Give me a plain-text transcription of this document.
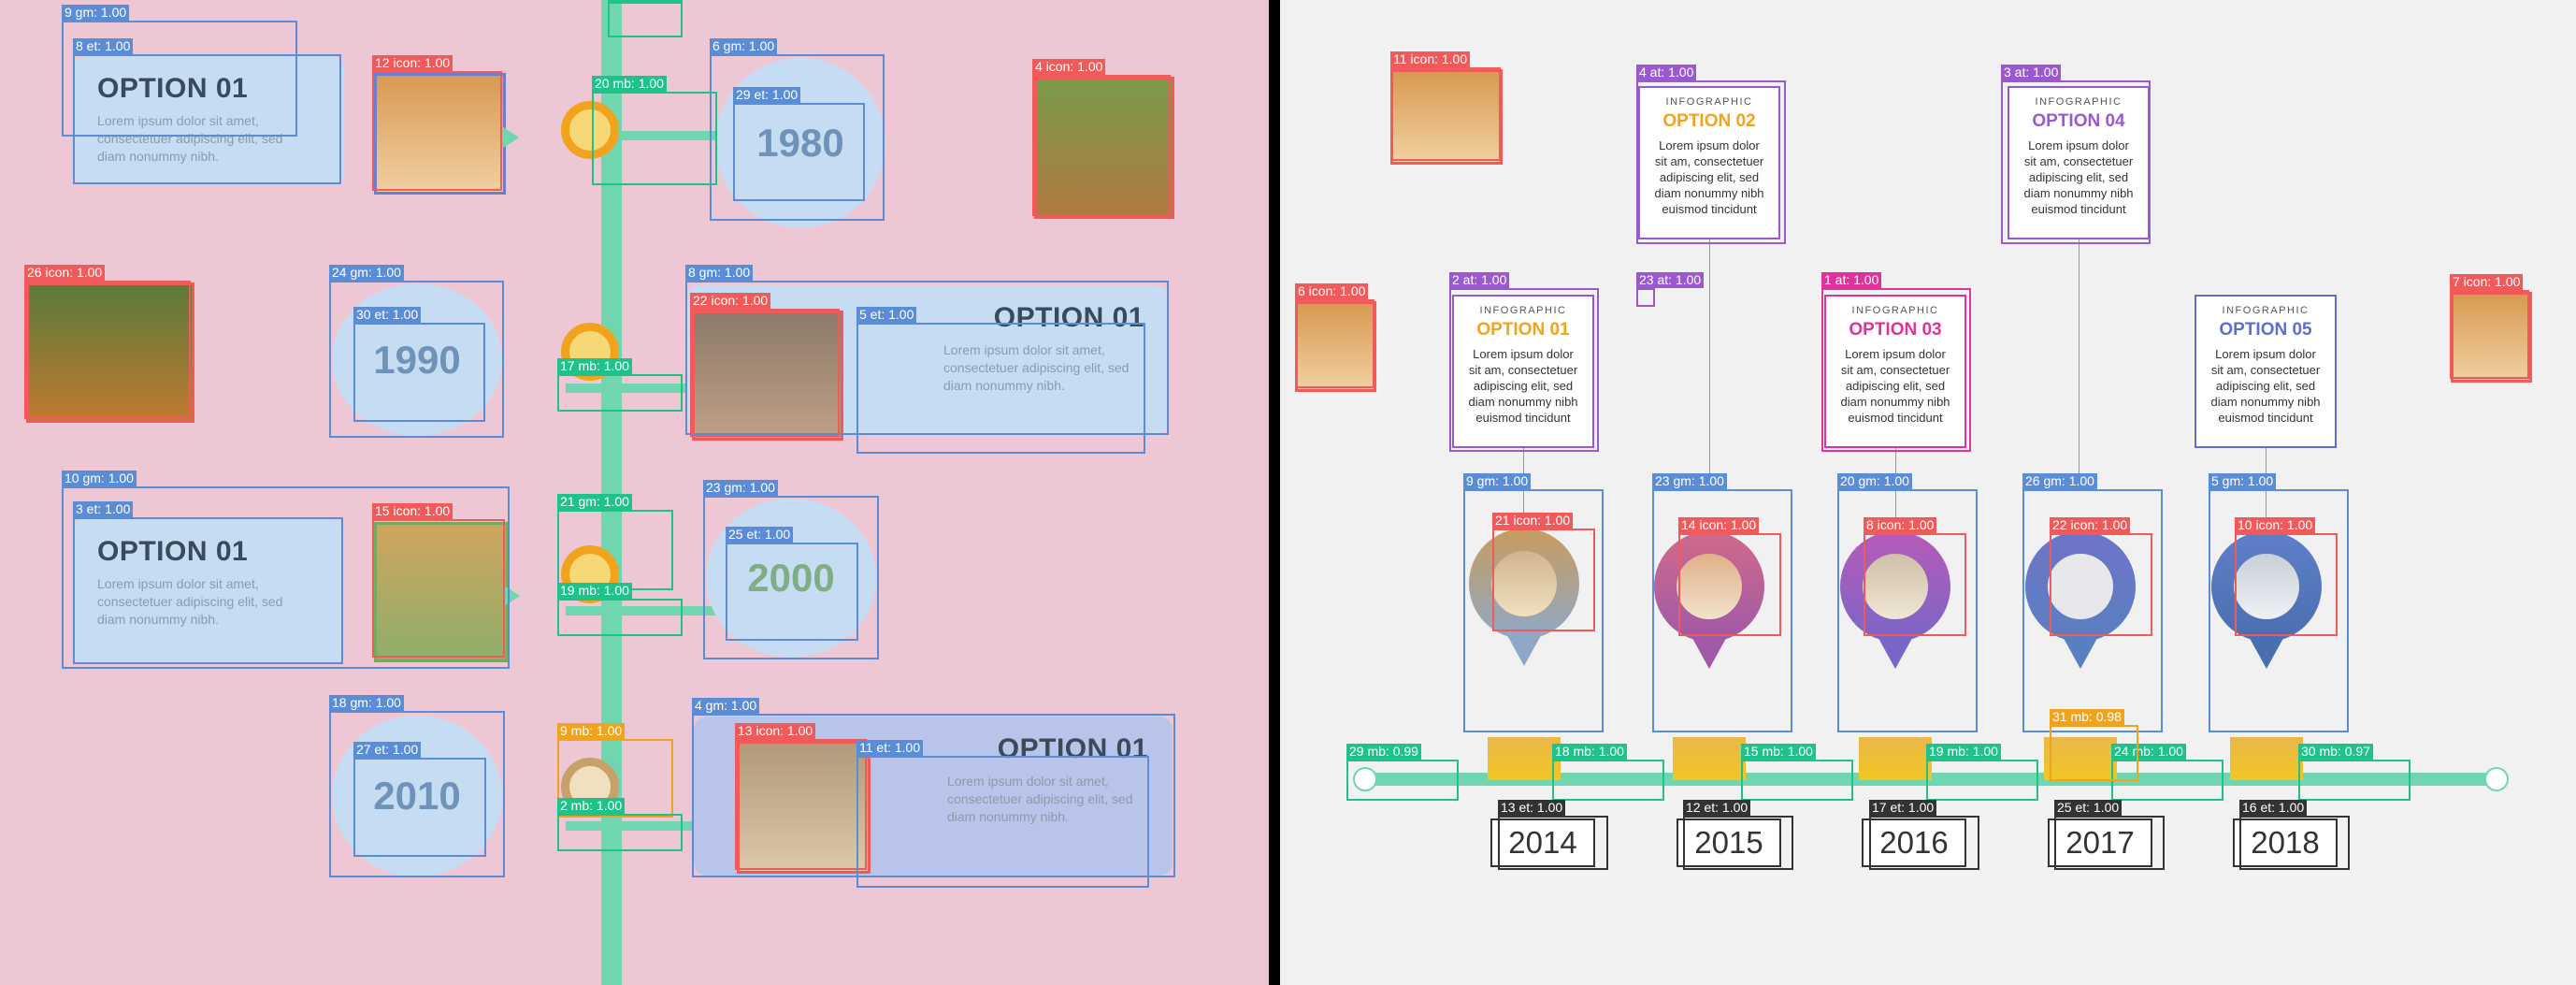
OPTION 01
Lorem ipsum dolor sit amet, consectetuer adipiscing elit, sed diam nonummy nibh.	1980
1990
OPTION 01
Lorem ipsum dolor sit amet, consectetuer adipiscing elit, sed diam nonummy nibh.
OPTION 01
Lorem ipsum dolor sit amet, consectetuer adipiscing elit, sed diam nonummy nibh.
2000
2010
OPTION 01
Lorem ipsum dolor sit amet, consectetuer adipiscing elit, sed diam nonummy nibh.
9 gm: 1.00
8 et: 1.00
12 icon: 1.00
6 gm: 1.00
29 et: 1.00
4 icon: 1.00
20 mb: 1.00
26 icon: 1.00	24 gm: 1.00
30 et: 1.00
8 gm: 1.00
22 icon: 1.00
5 et: 1.00
10 gm: 1.00
3 et: 1.00	15 icon: 1.00
23 gm: 1.00
25 et: 1.00
21 gm: 1.00
19 mb: 1.00
17 mb: 1.00
18 gm: 1.00
27 et: 1.00
4 gm: 1.00
13 icon: 1.00
11 et: 1.00
9 mb: 1.00
2 mb: 1.00
INFOGRAPHIC
OPTION 02
Lorem ipsum dolor sit am, consectetuer adipiscing elit, sed diam nonummy nibh euismod tincidunt
INFOGRAPHIC
OPTION 04
Lorem ipsum dolor sit am, consectetuer adipiscing elit, sed diam nonummy nibh euismod tincidunt
INFOGRAPHIC
OPTION 01
Lorem ipsum dolor sit am, consectetuer adipiscing elit, sed diam nonummy nibh euismod tincidunt
INFOGRAPHIC
OPTION 03
Lorem ipsum dolor sit am, consectetuer adipiscing elit, sed diam nonummy nibh euismod tincidunt
INFOGRAPHIC
OPTION 05
Lorem ipsum dolor sit am, consectetuer adipiscing elit, sed diam nonummy nibh euismod tincidunt
2014	2015	2016	2017	2018
11 icon: 1.00
4 at: 1.00	3 at: 1.00
6 icon: 1.00
2 at: 1.00	23 at: 1.00	1 at: 1.00	7 icon: 1.00
9 gm: 1.00	23 gm: 1.00	20 gm: 1.00	26 gm: 1.00	5 gm: 1.00
21 icon: 1.00	14 icon: 1.00	8 icon: 1.00	22 icon: 1.00	10 icon: 1.00
29 mb: 0.99	18 mb: 1.00	15 mb: 1.00	19 mb: 1.00	24 mb: 1.00	30 mb: 0.97
31 mb: 0.98
13 et: 1.00	12 et: 1.00	17 et: 1.00	25 et: 1.00	16 et: 1.00
